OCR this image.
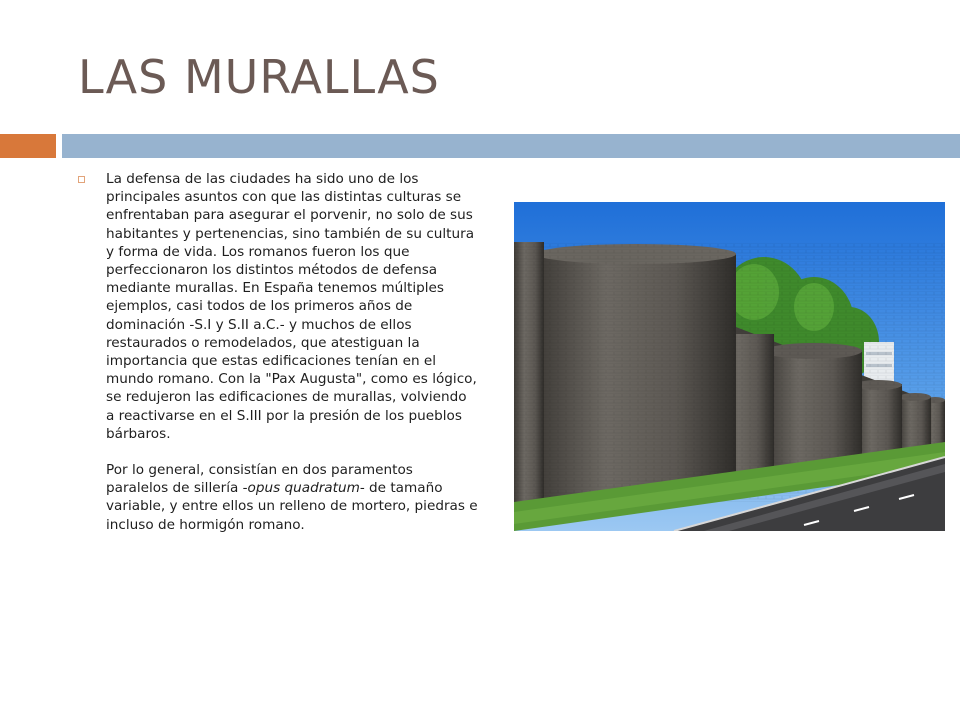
LAS MURALLAS

La defensa de las ciudades ha sido uno de los principales asuntos con que las distintas culturas se enfrentaban para asegurar el porvenir, no solo de sus habitantes y pertenencias, sino también de su cultura y forma de vida. Los romanos fueron los que perfeccionaron los distintos métodos de defensa mediante murallas. En España tenemos múltiples ejemplos, casi todos de los primeros años de dominación -S.I y S.II a.C.- y muchos de ellos restaurados o remodelados, que atestiguan la importancia que estas edificaciones tenían en el mundo romano. Con la "Pax Augusta", como es lógico, se redujeron las edificaciones de murallas, volviendo a reactivarse en el S.III por la presión de los pueblos bárbaros.

Por lo general, consistían en dos paramentos paralelos de sillería -opus quadratum- de tamaño variable, y entre ellos un relleno de mortero, piedras e incluso de hormigón romano.
